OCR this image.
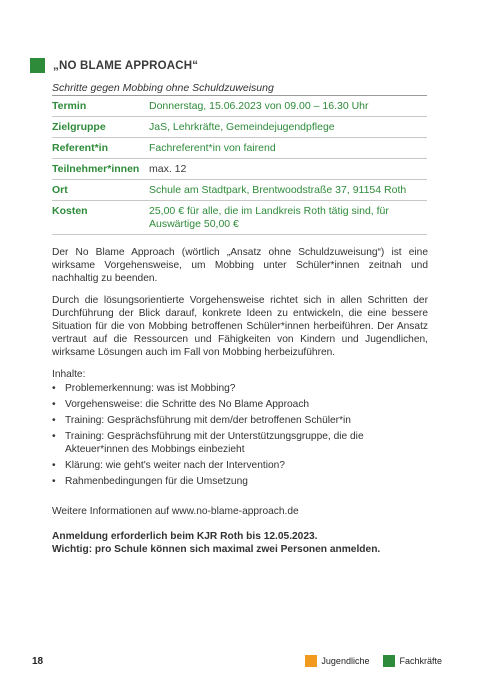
„NO BLAME APPROACH“
Schritte gegen Mobbing ohne Schuldzuweisung
Termin	Donnerstag, 15.06.2023 von 09.00 – 16.30 Uhr
Zielgruppe	JaS, Lehrkräfte, Gemeindejugendpflege
Referent*in	Fachreferent*in von fairend
Teilnehmer*innen	max. 12
Ort	Schule am Stadtpark, Brentwoodstraße 37, 91154 Roth
Kosten	25,00 € für alle, die im Landkreis Roth tätig sind, für
Auswärtige 50,00 €

Der No Blame Approach (wörtlich „Ansatz ohne Schuldzuweisung“) ist eine wirksame Vorgehensweise, um Mobbing unter Schüler*innen zeitnah und nachhaltig zu beenden.

Durch die lösungsorientierte Vorgehensweise richtet sich in allen Schritten der Durchführung der Blick darauf, konkrete Ideen zu entwickeln, die eine bessere Situation für die von Mobbing betroffenen Schüler*innen herbeiführen. Der Ansatz vertraut auf die Ressourcen und Fähigkeiten von Kindern und Jugendlichen, wirksame Lösungen auch im Fall von Mobbing herbeizuführen.

Inhalte:
• Problemerkennung: was ist Mobbing?
• Vorgehensweise: die Schritte des No Blame Approach
• Training: Gesprächsführung mit dem/der betroffenen Schüler*in
• Training: Gesprächsführung mit der Unterstützungsgruppe, die die Akteuer*innen des Mobbings einbezieht
• Klärung: wie geht's weiter nach der Intervention?
• Rahmenbedingungen für die Umsetzung
Weitere Informationen auf www.no-blame-approach.de
Anmeldung erforderlich beim KJR Roth bis 12.05.2023.
Wichtig: pro Schule können sich maximal zwei Personen anmelden.
18	Jugendliche	Fachkräfte
